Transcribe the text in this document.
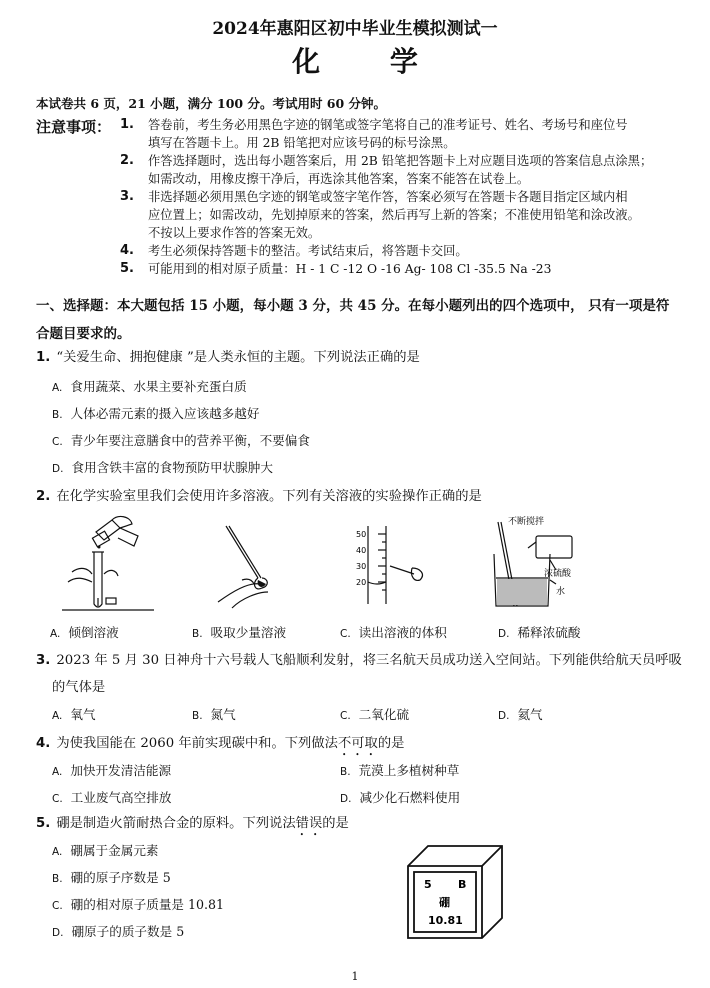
2024年惠阳区初中毕业生模拟测试一
化 学
本试卷共 6 页，21 小题，满分 100 分。考试用时 60 分钟。
注意事项： 1. 答卷前，考生务必用黑色字迹的钢笔或签字笔将自己的准考证号、姓名、考场号和座位号
填写在答题卡上。用 2B 铅笔把对应该号码的标号涂黑。
2. 作答选择题时，选出每小题答案后，用 2B 铅笔把答题卡上对应题目选项的答案信息点涂黑；
如需改动，用橡皮擦干净后，再选涂其他答案，答案不能答在试卷上。
3. 非选择题必须用黑色字迹的钢笔或签字笔作答，答案必须写在答题卡各题目指定区域内相
应位置上；如需改动，先划掉原来的答案，然后再写上新的答案；不准使用铅笔和涂改液。
不按以上要求作答的答案无效。
4. 考生必须保持答题卡的整洁。考试结束后，将答题卡交回。
5. 可能用到的相对原子质量：H - 1 C -12 O -16 Ag- 108 Cl -35.5 Na -23
一、选择题：本大题包括 15 小题，每小题 3 分，共 45 分。在每小题列出的四个选项中， 只有一项是符
合题目要求的。
1. “关爱生命、拥抱健康 ”是人类永恒的主题。下列说法正确的是
A. 食用蔬菜、水果主要补充蛋白质
B. 人体必需元素的摄入应该越多越好
C. 青少年要注意膳食中的营养平衡，不要偏食
D. 食用含铁丰富的食物预防甲状腺肿大
2. 在化学实验室里我们会使用许多溶液。下列有关溶液的实验操作正确的是
50
40
30
20
不断搅拌
浓硫酸
水
A. 倾倒溶液	B. 吸取少量溶液	C. 读出溶液的体积	D. 稀释浓硫酸
3. 2023 年 5 月 30 日神舟十六号载人飞船顺利发射，将三名航天员成功送入空间站。下列能供给航天员呼吸
的气体是
A. 氧气	B. 氮气	C. 二氧化硫	D. 氦气
4. 为使我国能在 2060 年前实现碳中和。下列做法不可取的是
A. 加快开发清洁能源	B. 荒漠上多植树种草
C. 工业废气高空排放	D. 减少化石燃料使用
5. 硼是制造火箭耐热合金的原料。下列说法错误的是
A. 硼属于金属元素
B. 硼的原子序数是 5
C. 硼的相对原子质量是 10.81
D. 硼原子的质子数是 5
5 B
硼
10.81
1
